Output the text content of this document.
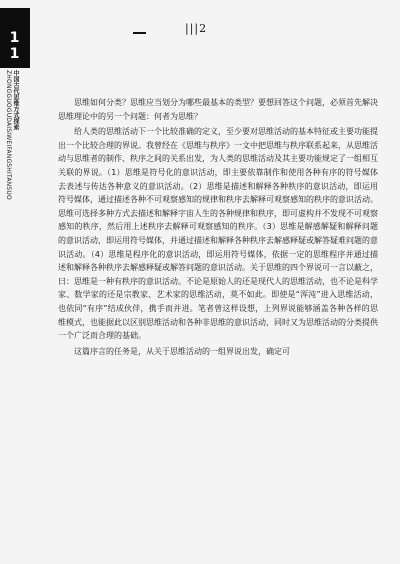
1 1
中国古代思维方式探索
ZHONGGUOGUDAISIWEIFANGSHITANSUO
|||2

思维如何分类？思维应当划分为哪些最基本的类型？要想回答这个问题，必须首先解决思维理论中的另一个问题：何者为思维？

给人类的思维活动下一个比较准确的定义，至少要对思维活动的基本特征或主要功能提出一个比较合理的界说。我曾经在《思维与秩序》一文中把思维与秩序联系起来，从思维活动与思维者的制作、秩序之间的关系出发，为人类的思维活动及其主要功能规定了一组相互关联的界说。（1）思维是符号化的意识活动，即主要依靠制作和使用各种有序的符号媒体去表述与传达各种意义的意识活动。（2）思维是描述和解释各种秩序的意识活动，即运用符号媒体，通过描述各种不可观察感知的规律和秩序去解释可观察感知的秩序的意识活动。思维可选择多种方式去描述和解释宇宙人生的各种规律和秩序，即可虚构并不发现不可观察感知的秩序，然后用上述秩序去解释可观察感知的秩序。（3）思维是解感解疑和解释问题的意识活动，即运用符号媒体，并通过描述和解释各种秩序去解感释疑或解答疑难问题的意识活动。（4）思维是程序化的意识活动，即运用符号媒体，依据一定的思维程序并通过描述和解释各种秩序去解感释疑或解答问题的意识活动。关于思维的四个界说可一言以蔽之，曰：思维是一种有秩序的意识活动。不论是原始人的还是现代人的思维活动，也不论是科学家、数学家的还是宗教家、艺术家的思维活动，莫不如此。即使是“浑沌”进入思维活动，也依同“有序”结成伙伴，携手而并进。笔者曾这样设想，上列界说能够涵盖各种各样的思维模式，也能据此以区别思维活动和各种非思维的意识活动，同时又为思维活动的分类提供一个广泛而合理的基础。

这篇序言的任务是，从关于思维活动的一组界说出发，确定可
